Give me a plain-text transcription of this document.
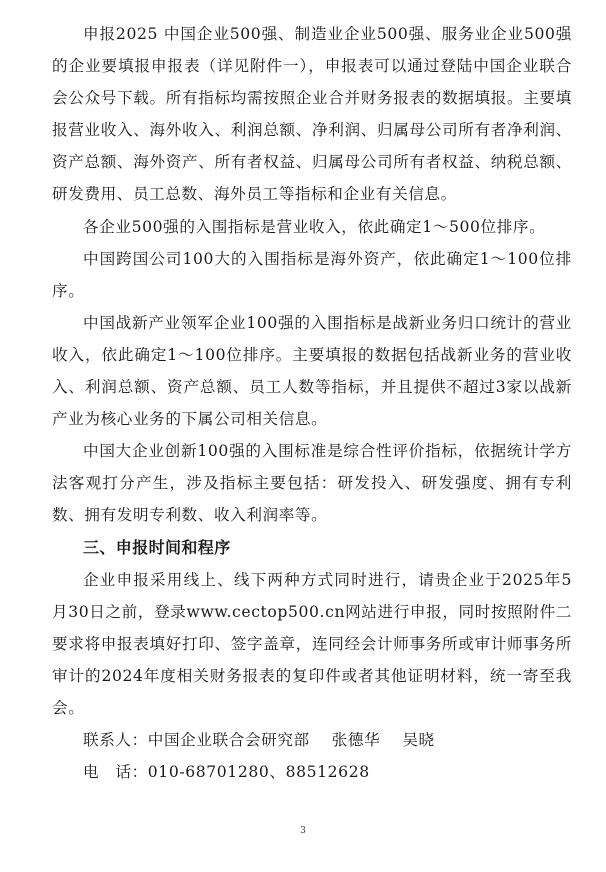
申报2025 中国企业500强、制造业企业500强、服务业企业500强的企业要填报申报表（详见附件一），申报表可以通过登陆中国企业联合会公众号下载。所有指标均需按照企业合并财务报表的数据填报。主要填报营业收入、海外收入、利润总额、净利润、归属母公司所有者净利润、资产总额、海外资产、所有者权益、归属母公司所有者权益、纳税总额、研发费用、员工总数、海外员工等指标和企业有关信息。

各企业500强的入围指标是营业收入，依此确定1～500位排序。

中国跨国公司100大的入围指标是海外资产，依此确定1～100位排序。

中国战新产业领军企业100强的入围指标是战新业务归口统计的营业收入，依此确定1～100位排序。主要填报的数据包括战新业务的营业收入、利润总额、资产总额、员工人数等指标，并且提供不超过3家以战新产业为核心业务的下属公司相关信息。

中国大企业创新100强的入围标准是综合性评价指标，依据统计学方法客观打分产生，涉及指标主要包括：研发投入、研发强度、拥有专利数、拥有发明专利数、收入利润率等。

三、申报时间和程序

企业申报采用线上、线下两种方式同时进行，请贵企业于2025年5月30日之前，登录www.cectop500.cn网站进行申报，同时按照附件二要求将申报表填好打印、签字盖章，连同经会计师事务所或审计师事务所审计的2024年度相关财务报表的复印件或者其他证明材料，统一寄至我会。

联系人：中国企业联合会研究部 张德华 吴晓

电　话：010-68701280、88512628

3
